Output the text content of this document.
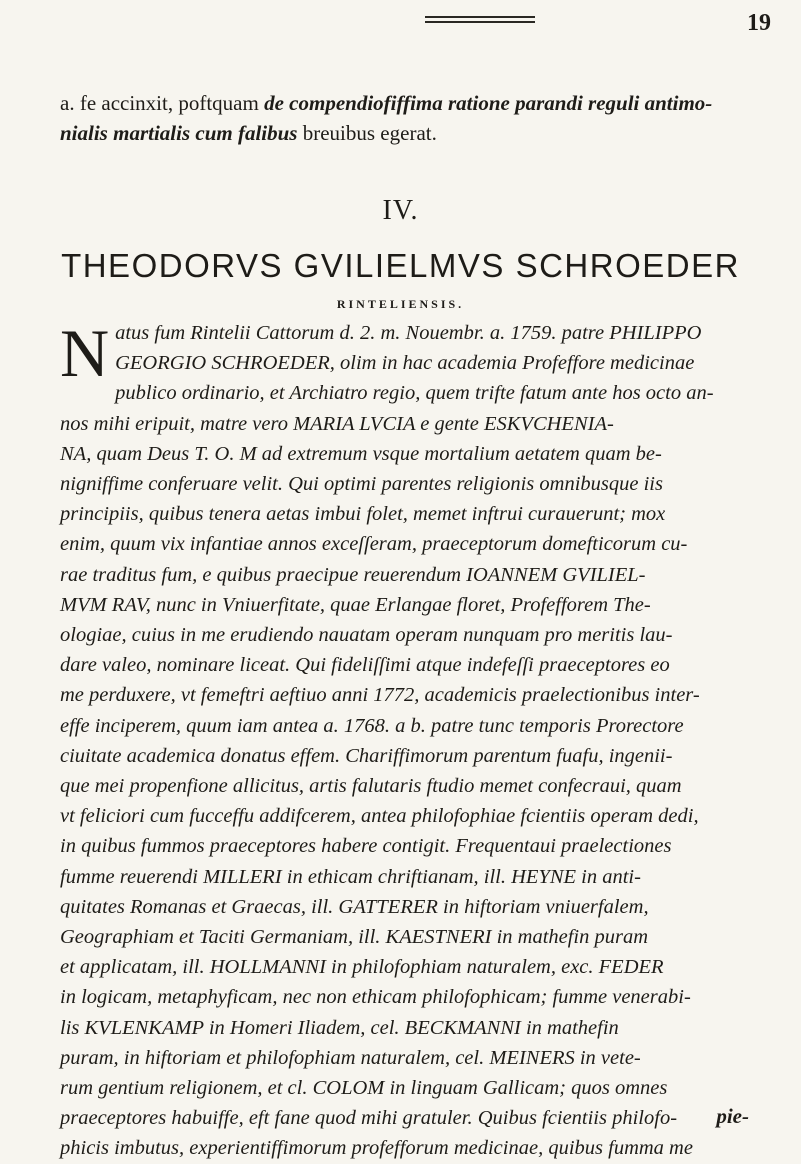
19
a. fe accinxit, poftquam de compendiofiffima ratione parandi reguli antimo-
nialis martialis cum falibus breuibus egerat.
IV.
THEODORVS GVILIELMVS SCHROEDER
RINTELIENSIS.
N atus fum Rintelii Cattorum d. 2. m. Nouembr. a. 1759. patre PHILIPPO
GEORGIO SCHROEDER, olim in hac academia Profeffore medicinae
publico ordinario, et Archiatro regio, quem trifte fatum ante hos octo an-
nos mihi eripuit, matre vero MARIA LVCIA e gente ESKVCHENIA-
NA, quam Deus T. O. M ad extremum vsque mortalium aetatem quam be-
nigniffime conferuare velit. Qui optimi parentes religionis omnibusque iis
principiis, quibus tenera aetas imbui folet, memet inftrui curauerunt; mox
enim, quum vix infantiae annos exceſſeram, praeceptorum domefticorum cu-
rae traditus fum, e quibus praecipue reuerendum IOANNEM GVILIEL-
MVM RAV, nunc in Vniuerfitate, quae Erlangae floret, Profefforem The-
ologiae, cuius in me erudiendo nauatam operam nunquam pro meritis lau-
dare valeo, nominare liceat. Qui fideliſſimi atque indefeſſi praeceptores eo
me perduxere, vt femeftri aeftiuo anni 1772, academicis praelectionibus inter-
effe inciperem, quum iam antea a. 1768. a b. patre tunc temporis Prorectore
ciuitate academica donatus effem. Chariffimorum parentum fuafu, ingenii-
que mei propenfione allicitus, artis falutaris ftudio memet confecraui, quam
vt feliciori cum fucceffu addifcerem, antea philofophiae fcientiis operam dedi,
in quibus fummos praeceptores habere contigit. Frequentaui praelectiones
fumme reuerendi MILLERI in ethicam chriftianam, ill. HEYNE in anti-
quitates Romanas et Graecas, ill. GATTERER in hiftoriam vniuerfalem,
Geographiam et Taciti Germaniam, ill. KAESTNERI in mathefin puram
et applicatam, ill. HOLLMANNI in philofophiam naturalem, exc. FEDER
in logicam, metaphyficam, nec non ethicam philofophicam; fumme venerabi-
lis KVLENKAMP in Homeri Iliadem, cel. BECKMANNI in mathefin
puram, in hiftoriam et philofophiam naturalem, cel. MEINERS in vete-
rum gentium religionem, et cl. COLOM in linguam Gallicam; quos omnes
praeceptores habuiffe, eft fane quod mihi gratuler. Quibus fcientiis philofo-
phicis imbutus, experientiffimorum profefforum medicinae, quibus fumma me
pie-
